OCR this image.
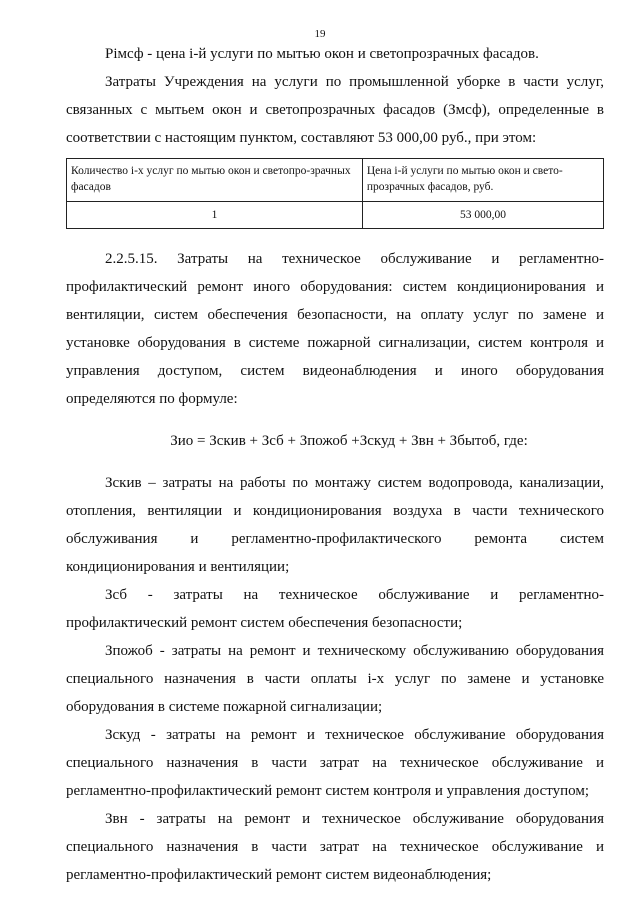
19

Рімсф - цена і-й услуги по мытью окон и светопрозрачных фасадов.

Затраты Учреждения на услуги по промышленной уборке в части услуг, связанных с мытьем окон и светопрозрачных фасадов (Змсф), определенные в соответствии с настоящим пунктом, составляют 53 000,00 руб., при этом:

Количество і-х услуг по мытью окон и светопро-зрачных фасадов	Цена і-й услуги по мытью окон и свето-прозрачных фасадов, руб.
1	53 000,00

2.2.5.15. Затраты на техническое обслуживание и регламентно-профилактический ремонт иного оборудования: систем кондиционирования и вентиляции, систем обеспечения безопасности, на оплату услуг по замене и установке оборудования в системе пожарной сигнализации, систем контроля и управления доступом, систем видеонаблюдения и иного оборудования определяются по формуле:

Зио = Зскив + Зсб + Зпожоб +Зскуд + Звн + Збытоб, где:

Зскив – затраты на работы по монтажу систем водопровода, канализации, отопления, вентиляции и кондиционирования воздуха в части технического обслуживания и регламентно-профилактического ремонта систем кондиционирования и вентиляции;

Зсб - затраты на техническое обслуживание и регламентно-профилактический ремонт систем обеспечения безопасности;

Зпожоб - затраты на ремонт и техническому обслуживанию оборудования специального назначения в части оплаты і-х услуг по замене и установке оборудования в системе пожарной сигнализации;

Зскуд - затраты на ремонт и техническое обслуживание оборудования специального назначения в части затрат на техническое обслуживание и регламентно-профилактический ремонт систем контроля и управления доступом;

Звн - затраты на ремонт и техническое обслуживание оборудования специального назначения в части затрат на техническое обслуживание и регламентно-профилактический ремонт систем видеонаблюдения;
